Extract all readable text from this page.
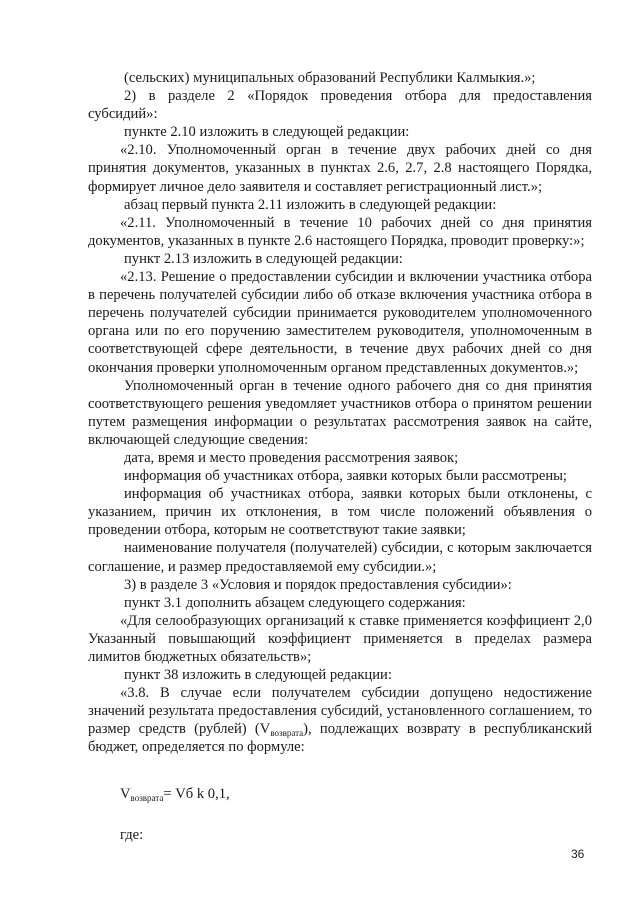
(сельских) муниципальных образований Республики Калмыкия.»;

2) в разделе 2 «Порядок проведения отбора для предоставления субсидий»:

пункте 2.10 изложить в следующей редакции:

«2.10. Уполномоченный орган в течение двух рабочих дней со дня принятия документов, указанных в пунктах 2.6, 2.7, 2.8 настоящего Порядка, формирует личное дело заявителя и составляет регистрационный лист.»;

абзац первый пункта 2.11 изложить в следующей редакции:

«2.11. Уполномоченный в течение 10 рабочих дней со дня принятия документов, указанных в пункте 2.6 настоящего Порядка, проводит проверку:»;

пункт 2.13 изложить в следующей редакции:

«2.13. Решение о предоставлении субсидии и включении участника отбора в перечень получателей субсидии либо об отказе включения участника отбора в перечень получателей субсидии принимается руководителем уполномоченного органа или по его поручению заместителем руководителя, уполномоченным в соответствующей сфере деятельности, в течение двух рабочих дней со дня окончания проверки уполномоченным органом представленных документов.»;

Уполномоченный орган в течение одного рабочего дня со дня принятия соответствующего решения уведомляет участников отбора о принятом решении путем размещения информации о результатах рассмотрения заявок на сайте, включающей следующие сведения:

дата, время и место проведения рассмотрения заявок;

информация об участниках отбора, заявки которых были рассмотрены;

информация об участниках отбора, заявки которых были отклонены, с указанием, причин их отклонения, в том числе положений объявления о проведении отбора, которым не соответствуют такие заявки;

наименование получателя (получателей) субсидии, с которым заключается соглашение, и размер предоставляемой ему субсидии.»;

3) в разделе 3 «Условия и порядок предоставления субсидии»:

пункт 3.1 дополнить абзацем следующего содержания:

«Для селообразующих организаций к ставке применяется коэффициент 2,0 Указанный повышающий коэффициент применяется в пределах размера лимитов бюджетных обязательств»;

пункт 38 изложить в следующей редакции:

«3.8. В случае если получателем субсидии допущено недостижение значений результата предоставления субсидий, установленного соглашением, то размер средств (рублей) $(V_{возврата})$, подлежащих возврату в республиканский бюджет, определяется по формуле:

$V_{возврата}=$ Vб k 0,1,

где:

36
